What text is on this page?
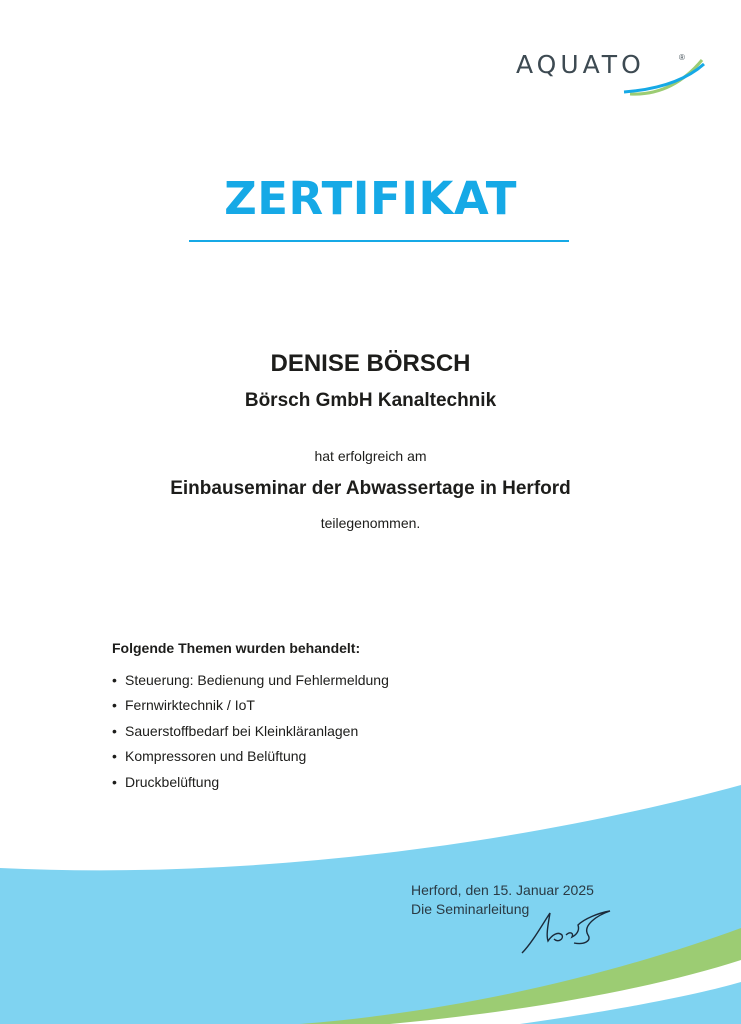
AQUATO	®
ZERTIFIKAT
DENISE BÖRSCH
Börsch GmbH Kanaltechnik
hat erfolgreich am
Einbauseminar der Abwassertage in Herford
teilegenommen.
Folgende Themen wurden behandelt:
• Steuerung: Bedienung und Fehlermeldung
• Fernwirktechnik / IoT
• Sauerstoffbedarf bei Kleinkläranlagen
• Kompressoren und Belüftung
• Druckbelüftung
Herford, den 15. Januar 2025
Die Seminarleitung
